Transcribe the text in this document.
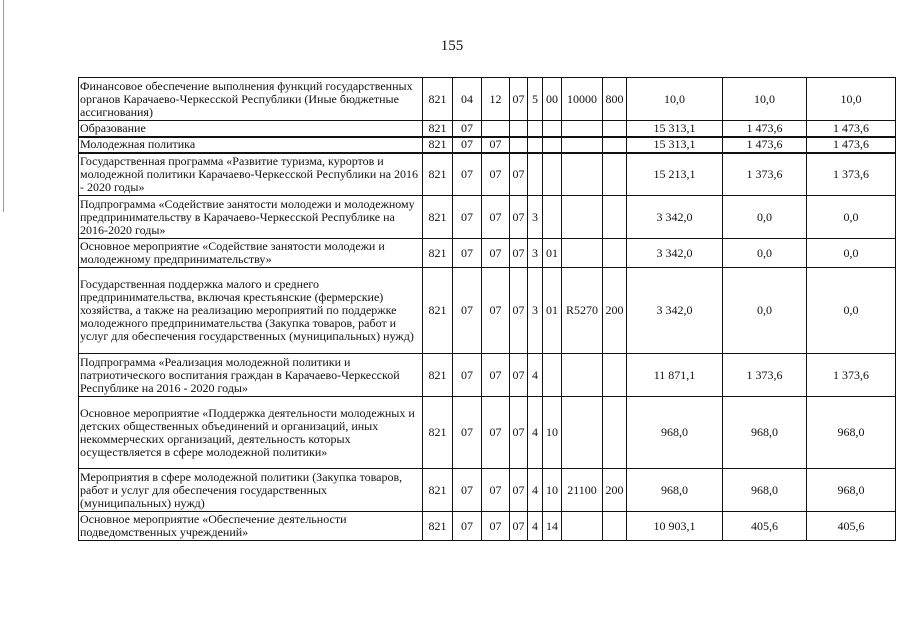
155
Финансовое обеспечение выполнения функций государственных органов Карачаево-Черкесской Республики (Иные бюджетные ассигнования)	821	04	12	07	5	00	10000	800	10,0	10,0	10,0
Образование	821	07							15 313,1	1 473,6	1 473,6
Молодежная политика	821	07	07						15 313,1	1 473,6	1 473,6
Государственная программа «Развитие туризма, курортов и молодежной политики Карачаево-Черкесской Республики на 2016 - 2020 годы»	821	07	07	07					15 213,1	1 373,6	1 373,6
Подпрограмма «Содействие занятости молодежи и молодежному предпринимательству в Карачаево-Черкесской Республике на 2016-2020 годы»	821	07	07	07	3				3 342,0	0,0	0,0
Основное мероприятие «Содействие занятости молодежи и молодежному предпринимательству»	821	07	07	07	3	01			3 342,0	0,0	0,0
Государственная поддержка малого и среднего предпринимательства, включая крестьянские (фермерские) хозяйства, а также на реализацию мероприятий по поддержке молодежного предпринимательства (Закупка товаров, работ и услуг для обеспечения государственных (муниципальных) нужд)	821	07	07	07	3	01	R5270	200	3 342,0	0,0	0,0
Подпрограмма «Реализация молодежной политики и патриотического воспитания граждан в Карачаево-Черкесской Республике на 2016 - 2020 годы»	821	07	07	07	4				11 871,1	1 373,6	1 373,6
Основное мероприятие «Поддержка деятельности молодежных и детских общественных объединений и организаций, иных некоммерческих организаций, деятельность которых осуществляется в сфере молодежной политики»	821	07	07	07	4	10			968,0	968,0	968,0
Мероприятия в сфере молодежной политики (Закупка товаров, работ и услуг для обеспечения государственных (муниципальных) нужд)	821	07	07	07	4	10	21100	200	968,0	968,0	968,0
Основное мероприятие «Обеспечение деятельности подведомственных учреждений»	821	07	07	07	4	14			10 903,1	405,6	405,6
